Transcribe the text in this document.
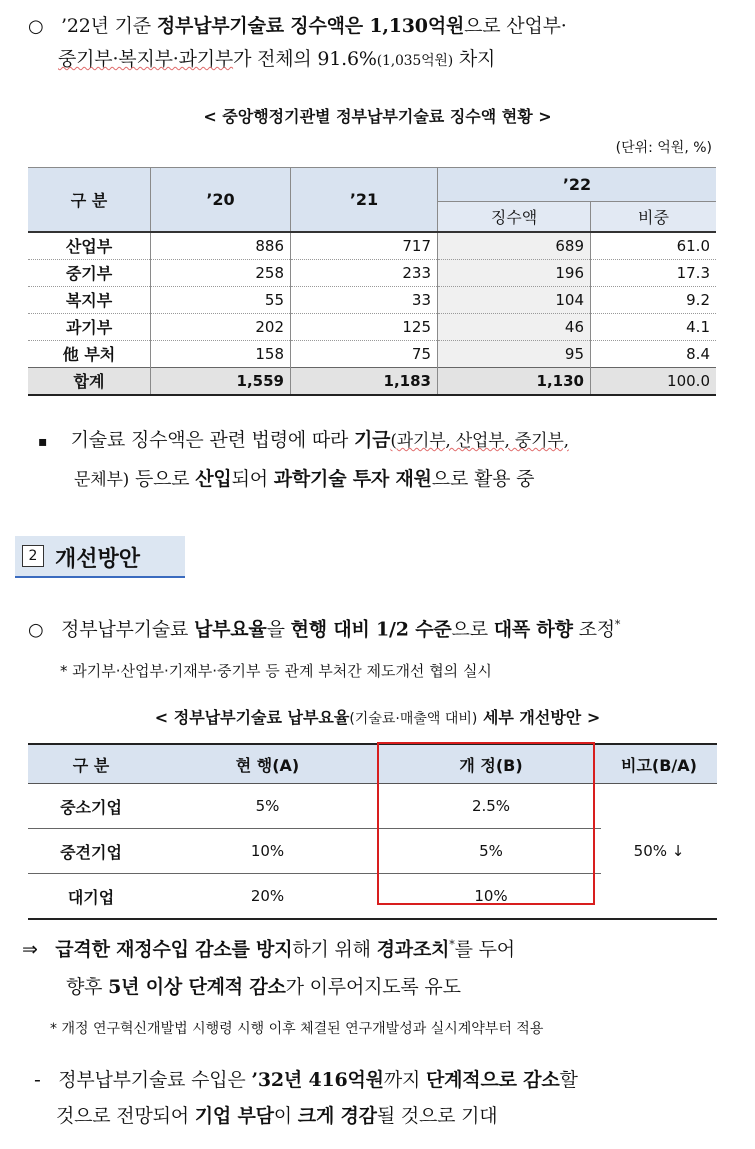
○ ’22년 기준 정부납부기술료 징수액은 1,130억원으로 산업부·
중기부·복지부·과기부가 전체의 91.6%(1,035억원) 차지
< 중앙행정기관별 정부납부기술료 징수액 현황 >
(단위: 억원, %)
구 분	’20	’21	’22	
			징수액	비중
산업부	886	717	689	61.0
중기부	258	233	196	17.3
복지부	55	33	104	9.2
과기부	202	125	46	4.1
他 부처	158	75	95	8.4
합계	1,559	1,183	1,130	100.0
▪ 기술료 징수액은 관련 법령에 따라 기금(과기부, 산업부, 중기부,
문체부) 등으로 산입되어 과학기술 투자 재원으로 활용 중
2 개선방안
○ 정부납부기술료 납부요율을 현행 대비 1/2 수준으로 대폭 하향 조정*
* 과기부·산업부·기재부·중기부 등 관계 부처간 제도개선 협의 실시
< 정부납부기술료 납부요율(기술료·매출액 대비) 세부 개선방안 >
구 분	현 행(A)	개 정(B)	비고(B/A)
중소기업	5%	2.5%	50% ↓
중견기업	10%	5%	
대기업	20%	10%	
⇒ 급격한 재정수입 감소를 방지하기 위해 경과조치*를 두어
향후 5년 이상 단계적 감소가 이루어지도록 유도
* 개정 연구혁신개발법 시행령 시행 이후 체결된 연구개발성과 실시계약부터 적용
- 정부납부기술료 수입은 ’32년 416억원까지 단계적으로 감소할
것으로 전망되어 기업 부담이 크게 경감될 것으로 기대
